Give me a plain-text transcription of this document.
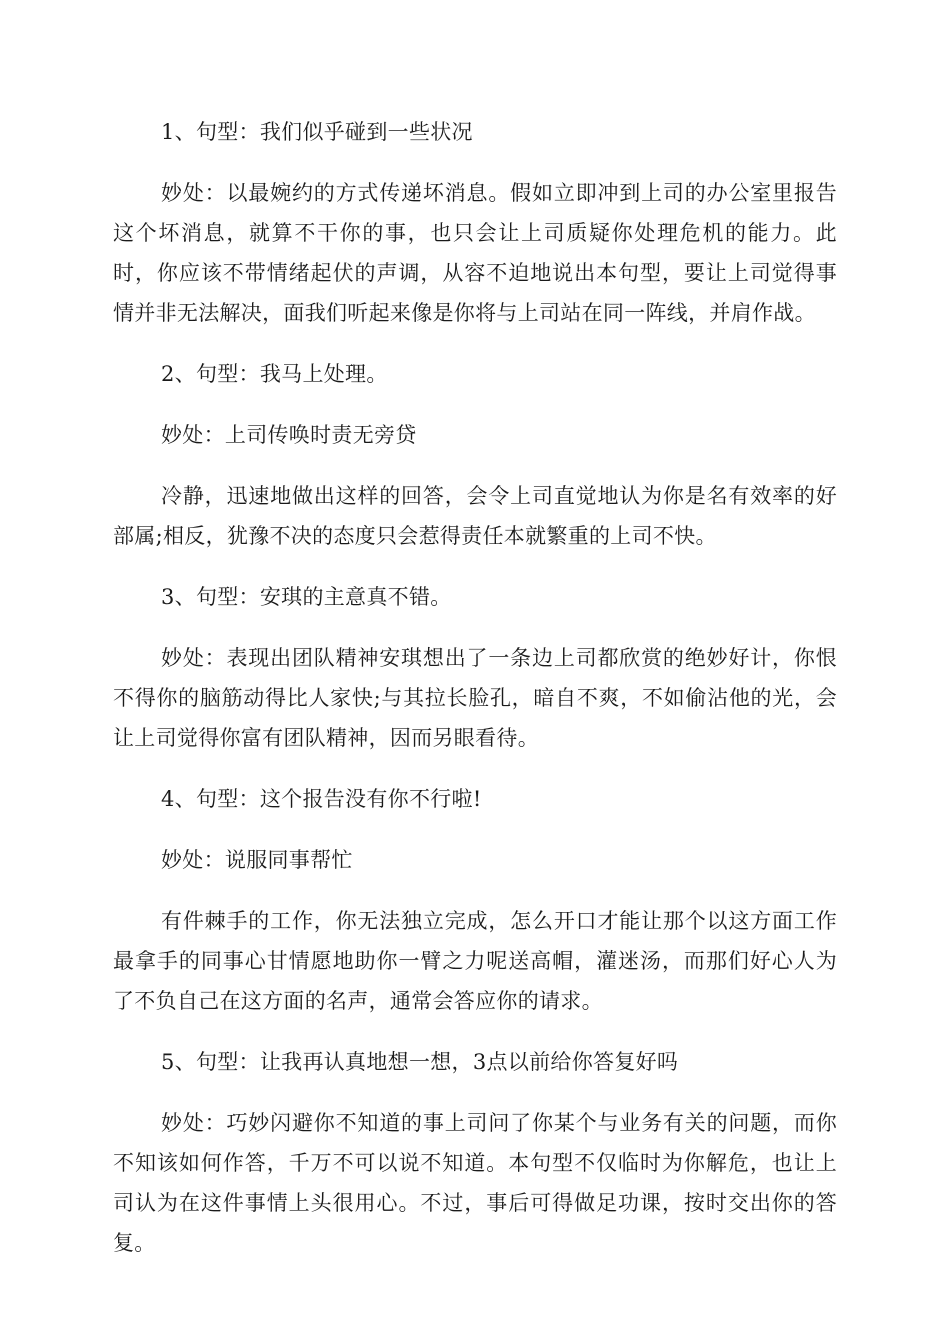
1、句型：我们似乎碰到一些状况

妙处：以最婉约的方式传递坏消息。假如立即冲到上司的办公室里报告这个坏消息，就算不干你的事，也只会让上司质疑你处理危机的能力。此时，你应该不带情绪起伏的声调，从容不迫地说出本句型，要让上司觉得事情并非无法解决，面我们听起来像是你将与上司站在同一阵线，并肩作战。

2、句型：我马上处理。

妙处：上司传唤时责无旁贷

冷静，迅速地做出这样的回答，会令上司直觉地认为你是名有效率的好部属;相反，犹豫不决的态度只会惹得责任本就繁重的上司不快。

3、句型：安琪的主意真不错。

妙处：表现出团队精神安琪想出了一条边上司都欣赏的绝妙好计，你恨不得你的脑筋动得比人家快;与其拉长脸孔，暗自不爽，不如偷沾他的光，会让上司觉得你富有团队精神，因而另眼看待。

4、句型：这个报告没有你不行啦!

妙处：说服同事帮忙

有件棘手的工作，你无法独立完成，怎么开口才能让那个以这方面工作最拿手的同事心甘情愿地助你一臂之力呢送高帽，灌迷汤，而那们好心人为了不负自己在这方面的名声，通常会答应你的请求。

5、句型：让我再认真地想一想，3点以前给你答复好吗

妙处：巧妙闪避你不知道的事上司问了你某个与业务有关的问题，而你不知该如何作答，千万不可以说不知道。本句型不仅临时为你解危，也让上司认为在这件事情上头很用心。不过，事后可得做足功课，按时交出你的答复。
